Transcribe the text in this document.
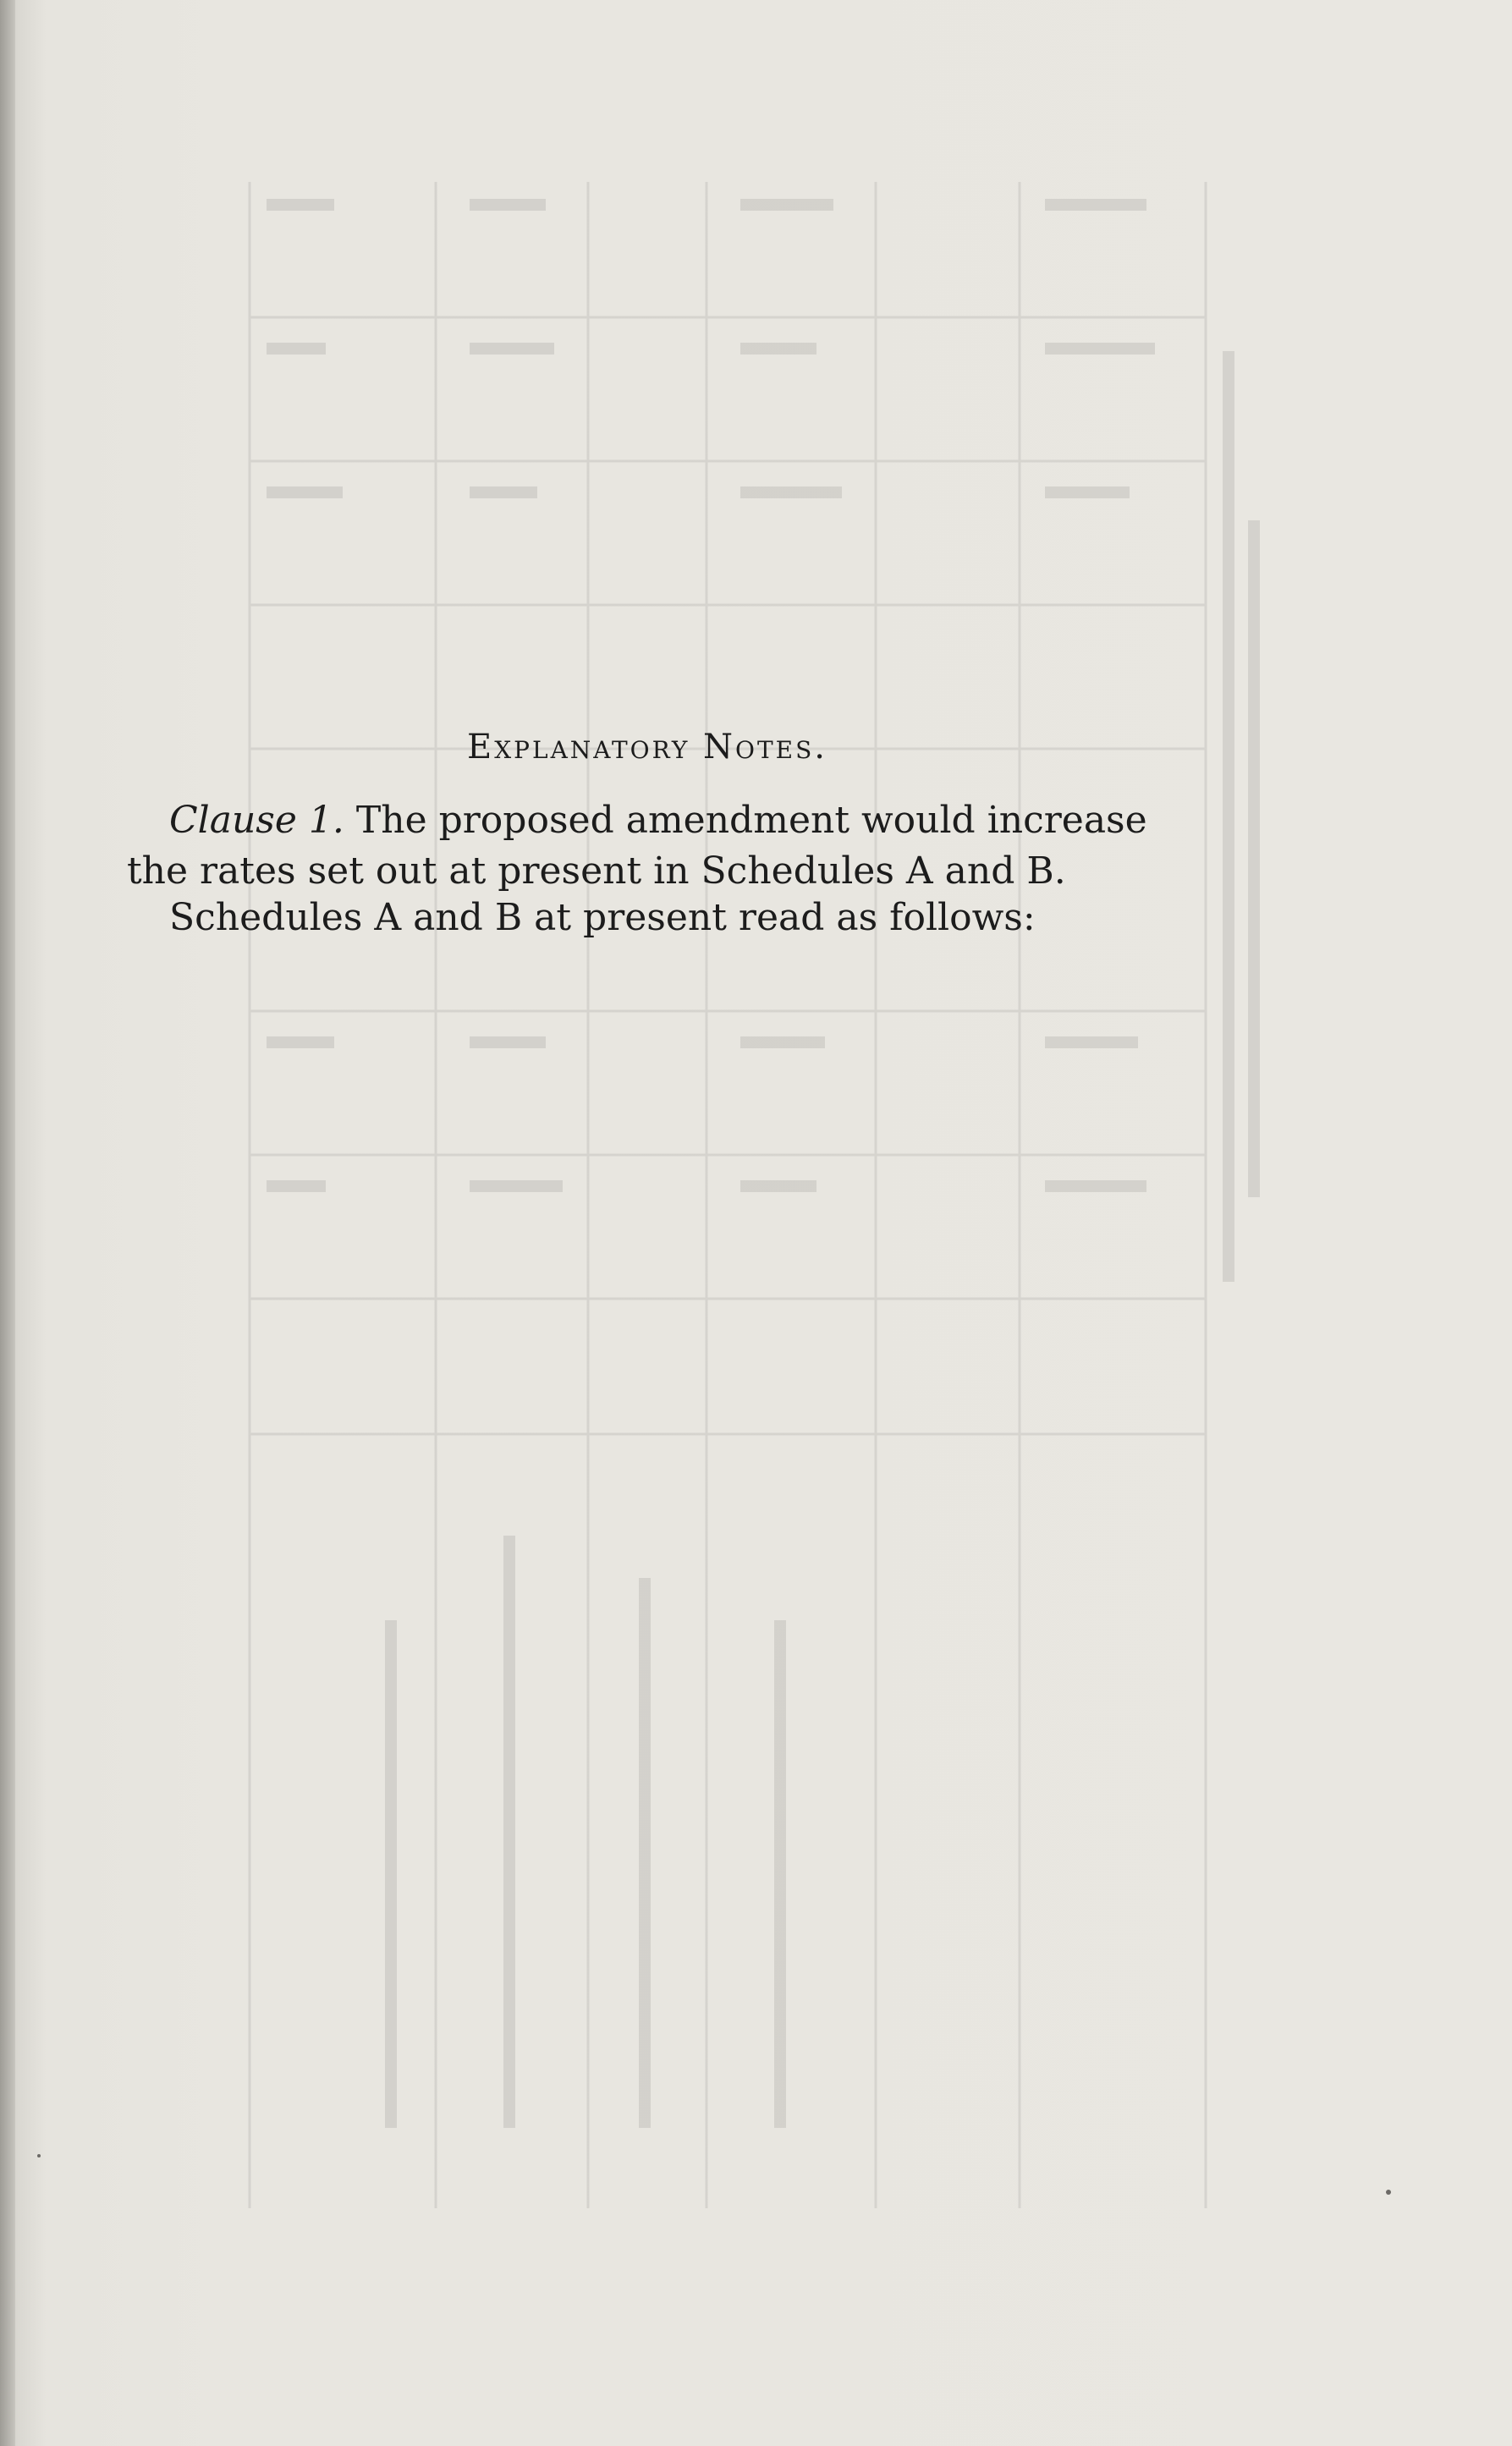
Explanatory Notes.

Clause 1. The proposed amendment would increase the rates set out at present in Schedules A and B.

Schedules A and B at present read as follows:
